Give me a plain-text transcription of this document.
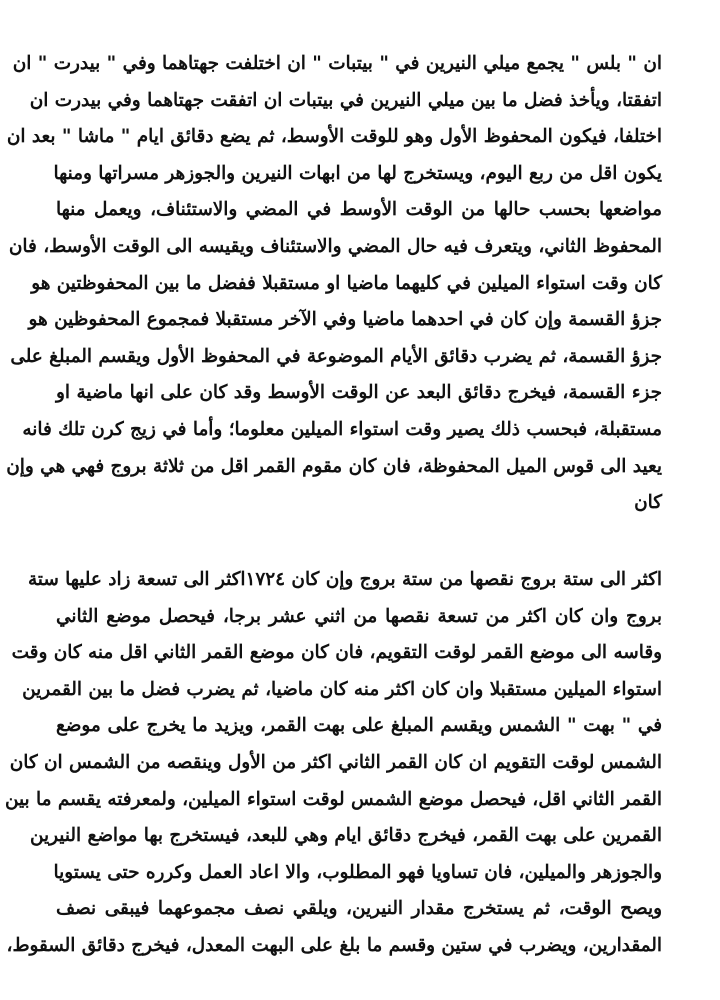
ان " بلس " يجمع ميلي النيرين في " بيتبات " ان اختلفت جهتاهما وفي " بيدرت " ان
اتفقتا، ويأخذ فضل ما بين ميلي النيرين في بيتبات ان اتفقت جهتاهما وفي بيدرت ان
اختلفا، فيكون المحفوظ الأول وهو للوقت الأوسط، ثم يضع دقائق ايام " ماشا " بعد ان
يكون اقل من ربع اليوم، ويستخرج لها من ابهات النيرين والجوزهر مسراتها ومنها
مواضعها بحسب حالها من الوقت الأوسط في المضي والاستئناف، ويعمل منها
المحفوظ الثاني، ويتعرف فيه حال المضي والاستئناف ويقيسه الى الوقت الأوسط، فان
كان وقت استواء الميلين في كليهما ماضيا او مستقبلا ففضل ما بين المحفوظتين هو
جزؤ القسمة وإن كان في احدهما ماضيا وفي الآخر مستقبلا فمجموع المحفوظين هو
جزؤ القسمة، ثم يضرب دقائق الأيام الموضوعة في المحفوظ الأول ويقسم المبلغ على
جزء القسمة، فيخرج دقائق البعد عن الوقت الأوسط وقد كان على انها ماضية او
مستقبلة، فبحسب ذلك يصير وقت استواء الميلين معلوما؛ وأما في زيج كرن تلك فانه
يعيد الى قوس الميل المحفوظة، فان كان مقوم القمر اقل من ثلاثة بروج فهي هي وإن
كان
اكثر الى ستة بروج نقصها من ستة بروج وإن كان ١٧٢٤اكثر الى تسعة زاد عليها ستة
بروج وان كان اكثر من تسعة نقصها من اثني عشر برجا، فيحصل موضع الثاني
وقاسه الى موضع القمر لوقت التقويم، فان كان موضع القمر الثاني اقل منه كان وقت
استواء الميلين مستقبلا وان كان اكثر منه كان ماضيا، ثم يضرب فضل ما بين القمرين
في " بهت " الشمس ويقسم المبلغ على بهت القمر، ويزيد ما يخرج على موضع
الشمس لوقت التقويم ان كان القمر الثاني اكثر من الأول وينقصه من الشمس ان كان
القمر الثاني اقل، فيحصل موضع الشمس لوقت استواء الميلين، ولمعرفته يقسم ما بين
القمرين على بهت القمر، فيخرج دقائق ايام وهي للبعد، فيستخرج بها مواضع النيرين
والجوزهر والميلين، فان تساويا فهو المطلوب، والا اعاد العمل وكرره حتى يستويا
ويصح الوقت، ثم يستخرج مقدار النيرين، ويلقي نصف مجموعهما فيبقى نصف
المقدارين، ويضرب في ستين وقسم ما بلغ على البهت المعدل، فيخرج دقائق السقوط،
